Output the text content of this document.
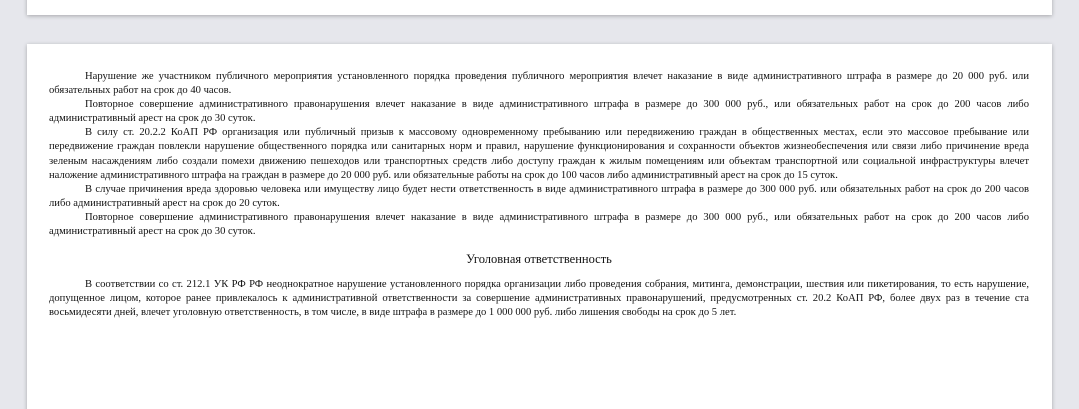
Нарушение же участником публичного мероприятия установленного порядка проведения публичного мероприятия влечет наказание в виде административного штрафа в размере до 20 000 руб. или обязательных работ на срок до 40 часов.

Повторное совершение административного правонарушения влечет наказание в виде административного штрафа в размере до 300 000 руб., или обязательных работ на срок до 200 часов либо административный арест на срок до 30 суток.

В силу ст. 20.2.2 КоАП РФ организация или публичный призыв к массовому одновременному пребыванию или передвижению граждан в общественных местах, если это массовое пребывание или передвижение граждан повлекли нарушение общественного порядка или санитарных норм и правил, нарушение функционирования и сохранности объектов жизнеобеспечения или связи либо причинение вреда зеленым насаждениям либо создали помехи движению пешеходов или транспортных средств либо доступу граждан к жилым помещениям или объектам транспортной или социальной инфраструктуры влечет наложение административного штрафа на граждан в размере до 20 000 руб. или обязательные работы на срок до 100 часов либо административный арест на срок до 15 суток.

В случае причинения вреда здоровью человека или имуществу лицо будет нести ответственность в виде административного штрафа в размере до 300 000 руб. или обязательных работ на срок до 200 часов либо административный арест на срок до 20 суток.

Повторное совершение административного правонарушения влечет наказание в виде административного штрафа в размере до 300 000 руб., или обязательных работ на срок до 200 часов либо административный арест на срок до 30 суток.

Уголовная ответственность

В соответствии со ст. 212.1 УК РФ РФ неоднократное нарушение установленного порядка организации либо проведения собрания, митинга, демонстрации, шествия или пикетирования, то есть нарушение, допущенное лицом, которое ранее привлекалось к административной ответственности за совершение административных правонарушений, предусмотренных ст. 20.2 КоАП РФ, более двух раз в течение ста восьмидесяти дней, влечет уголовную ответственность, в том числе, в виде штрафа в размере до 1 000 000 руб. либо лишения свободы на срок до 5 лет.
